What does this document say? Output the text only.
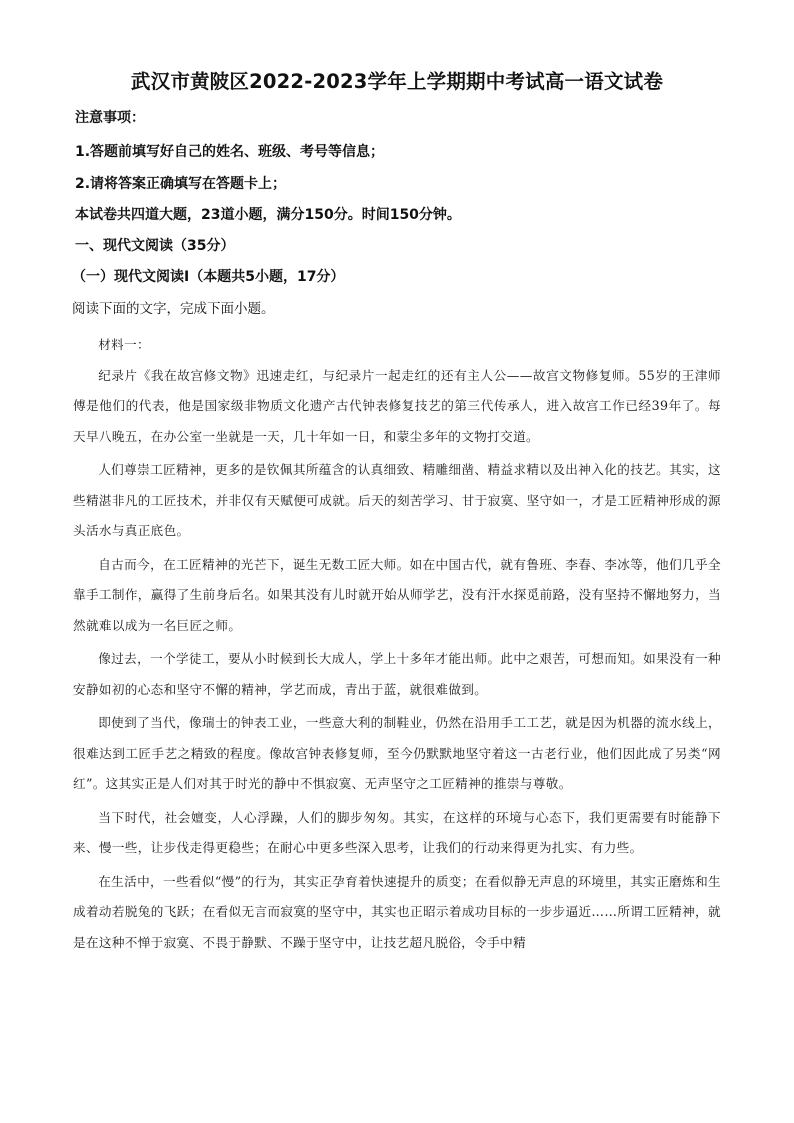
武汉市黄陂区2022-2023学年上学期期中考试高一语文试卷
注意事项：
1.答题前填写好自己的姓名、班级、考号等信息；
2.请将答案正确填写在答题卡上；
本试卷共四道大题，23道小题，满分150分。时间150分钟。
一、现代文阅读（35分）
（一）现代文阅读Ⅰ（本题共5小题，17分）
阅读下面的文字，完成下面小题。

材料一：

纪录片《我在故宫修文物》迅速走红，与纪录片一起走红的还有主人公——故宫文物修复师。55岁的王津师傅是他们的代表，他是国家级非物质文化遗产古代钟表修复技艺的第三代传承人，进入故宫工作已经39年了。每天早八晚五，在办公室一坐就是一天，几十年如一日，和蒙尘多年的文物打交道。

人们尊崇工匠精神，更多的是钦佩其所蕴含的认真细致、精雕细凿、精益求精以及出神入化的技艺。其实，这些精湛非凡的工匠技术，并非仅有天赋便可成就。后天的刻苦学习、甘于寂寞、坚守如一，才是工匠精神形成的源头活水与真正底色。

自古而今，在工匠精神的光芒下，诞生无数工匠大师。如在中国古代，就有鲁班、李春、李冰等，他们几乎全靠手工制作，赢得了生前身后名。如果其没有儿时就开始从师学艺，没有汗水探觅前路，没有坚持不懈地努力，当然就难以成为一名巨匠之师。

像过去，一个学徒工，要从小时候到长大成人，学上十多年才能出师。此中之艰苦，可想而知。如果没有一种安静如初的心态和坚守不懈的精神，学艺而成，青出于蓝，就很难做到。

即使到了当代，像瑞士的钟表工业，一些意大利的制鞋业，仍然在沿用手工工艺，就是因为机器的流水线上，很难达到工匠手艺之精致的程度。像故宫钟表修复师，至今仍默默地坚守着这一古老行业，他们因此成了另类“网红”。这其实正是人们对其于时光的静中不惧寂寞、无声坚守之工匠精神的推崇与尊敬。

当下时代，社会嬗变，人心浮躁，人们的脚步匆匆。其实，在这样的环境与心态下，我们更需要有时能静下来、慢一些，让步伐走得更稳些；在耐心中更多些深入思考，让我们的行动来得更为扎实、有力些。

在生活中，一些看似“慢”的行为，其实正孕育着快速提升的质变；在看似静无声息的环境里，其实正磨炼和生成着动若脱兔的飞跃；在看似无言而寂寞的坚守中，其实也正昭示着成功目标的一步步逼近……所谓工匠精神，就是在这种不惮于寂寞、不畏于静默、不躁于坚守中，让技艺超凡脱俗，令手中精
